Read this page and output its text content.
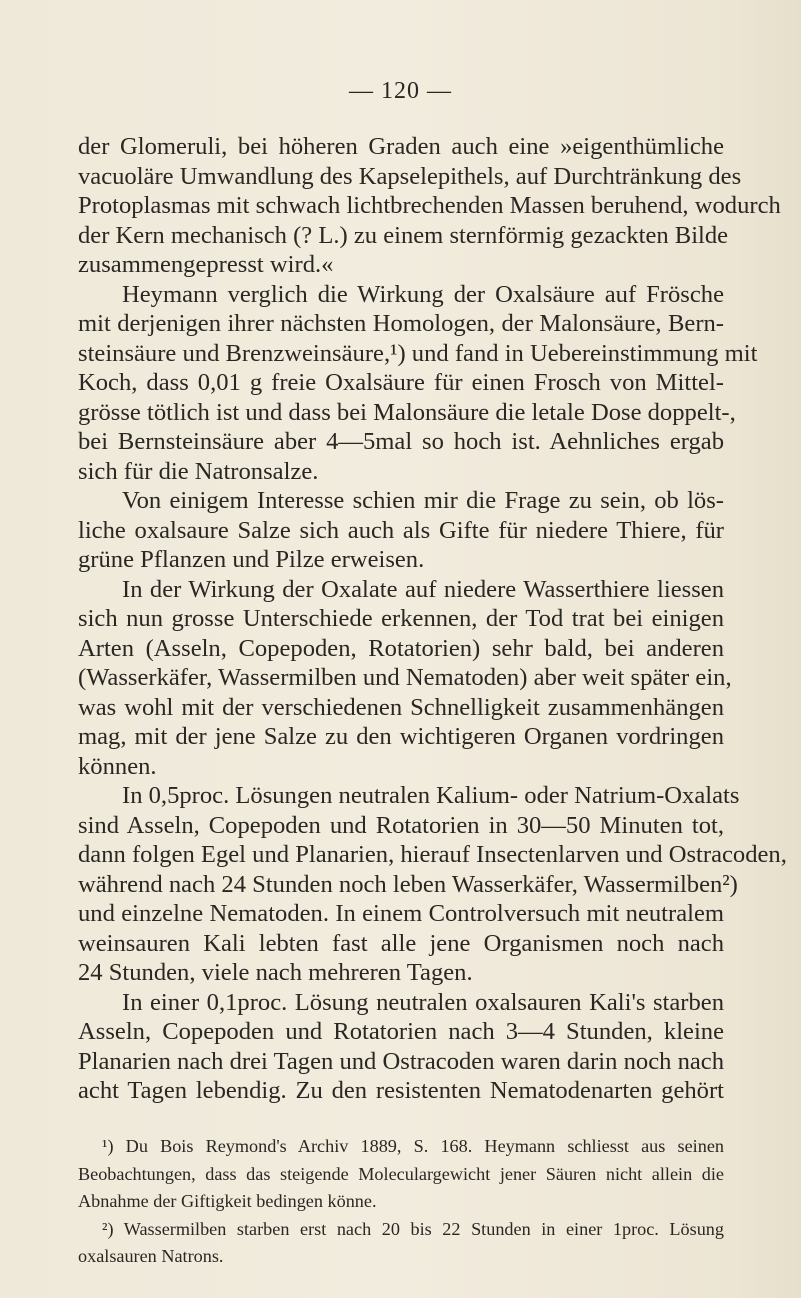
— 120 —
der Glomeruli, bei höheren Graden auch eine »eigenthümliche
vacuoläre Umwandlung des Kapselepithels, auf Durchtränkung des
Protoplasmas mit schwach lichtbrechenden Massen beruhend, wodurch
der Kern mechanisch (? L.) zu einem sternförmig gezackten Bilde
zusammengepresst wird.«
Heymann verglich die Wirkung der Oxalsäure auf Frösche
mit derjenigen ihrer nächsten Homologen, der Malonsäure, Bern-
steinsäure und Brenzweinsäure,¹) und fand in Uebereinstimmung mit
Koch, dass 0,01 g freie Oxalsäure für einen Frosch von Mittel-
grösse tötlich ist und dass bei Malonsäure die letale Dose doppelt-,
bei Bernsteinsäure aber 4—5mal so hoch ist. Aehnliches ergab
sich für die Natronsalze.
Von einigem Interesse schien mir die Frage zu sein, ob lös-
liche oxalsaure Salze sich auch als Gifte für niedere Thiere, für
grüne Pflanzen und Pilze erweisen.
In der Wirkung der Oxalate auf niedere Wasserthiere liessen
sich nun grosse Unterschiede erkennen, der Tod trat bei einigen
Arten (Asseln, Copepoden, Rotatorien) sehr bald, bei anderen
(Wasserkäfer, Wassermilben und Nematoden) aber weit später ein,
was wohl mit der verschiedenen Schnelligkeit zusammenhängen
mag, mit der jene Salze zu den wichtigeren Organen vordringen
können.
In 0,5proc. Lösungen neutralen Kalium- oder Natrium-Oxalats
sind Asseln, Copepoden und Rotatorien in 30—50 Minuten tot,
dann folgen Egel und Planarien, hierauf Insectenlarven und Ostracoden,
während nach 24 Stunden noch leben Wasserkäfer, Wassermilben²)
und einzelne Nematoden. In einem Controlversuch mit neutralem
weinsauren Kali lebten fast alle jene Organismen noch nach
24 Stunden, viele nach mehreren Tagen.
In einer 0,1proc. Lösung neutralen oxalsauren Kali's starben
Asseln, Copepoden und Rotatorien nach 3—4 Stunden, kleine
Planarien nach drei Tagen und Ostracoden waren darin noch nach
acht Tagen lebendig. Zu den resistenten Nematodenarten gehört
¹) Du Bois Reymond's Archiv 1889, S. 168. Heymann schliesst aus seinen
Beobachtungen, dass das steigende Moleculargewicht jener Säuren nicht allein die
Abnahme der Giftigkeit bedingen könne.
²) Wassermilben starben erst nach 20 bis 22 Stunden in einer 1proc. Lösung
oxalsauren Natrons.
